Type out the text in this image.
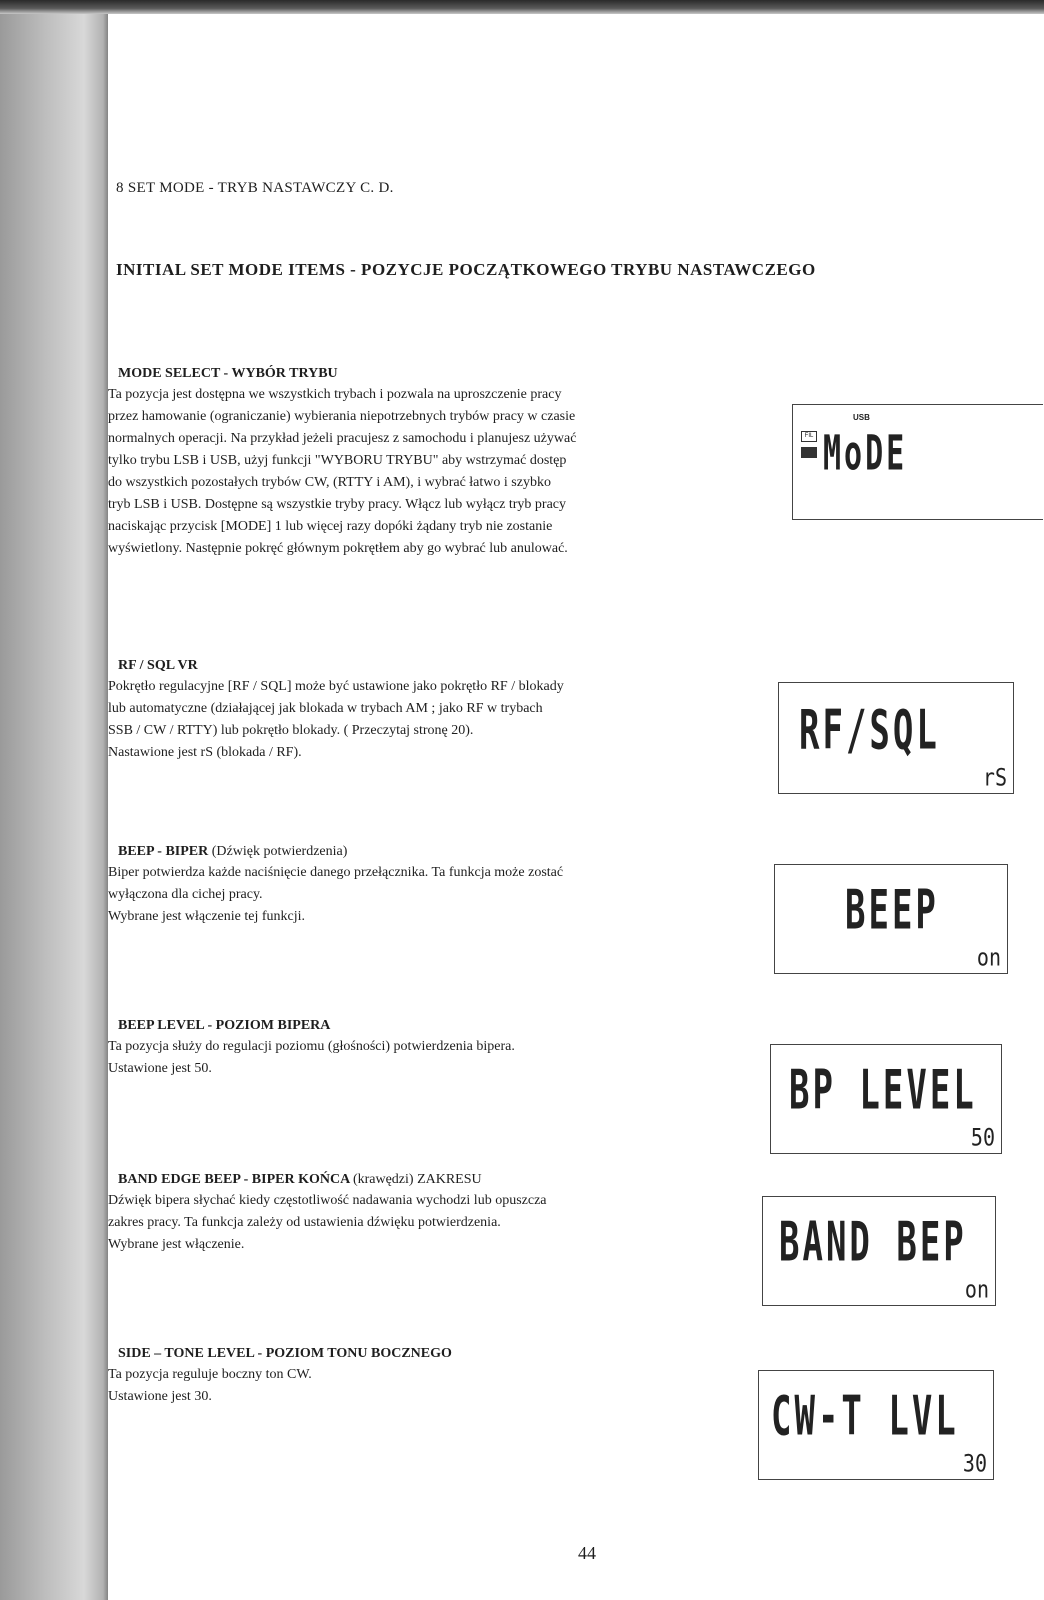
8 SET MODE - TRYB NASTAWCZY C. D.
INITIAL SET MODE ITEMS - POZYCJE POCZĄTKOWEGO TRYBU NASTAWCZEGO
MODE SELECT - WYBÓR TRYBU

Ta pozycja jest dostępna we wszystkich trybach i pozwala na uproszczenie pracy

przez hamowanie (ograniczanie) wybierania niepotrzebnych trybów pracy w czasie

normalnych operacji. Na przykład jeżeli pracujesz z samochodu i planujesz używać

tylko trybu LSB i USB, użyj funkcji "WYBORU TRYBU" aby wstrzymać dostęp

do wszystkich pozostałych trybów CW, (RTTY i AM), i wybrać łatwo i szybko

tryb LSB i USB. Dostępne są wszystkie tryby pracy. Włącz lub wyłącz tryb pracy

naciskając przycisk [MODE] 1 lub więcej razy dopóki żądany tryb nie zostanie

wyświetlony. Następnie pokręć głównym pokrętłem aby go wybrać lub anulować.

USB
FIL MoDE
RF / SQL VR

Pokrętło regulacyjne [RF / SQL] może być ustawione jako pokrętło RF / blokady

lub automatyczne (działającej jak blokada w trybach AM ; jako RF w trybach

SSB / CW / RTTY) lub pokrętło blokady. ( Przeczytaj stronę 20).

Nastawione jest rS (blokada / RF).	RF/SQL
rS
BEEP - BIPER (Dźwięk potwierdzenia)

Biper potwierdza każde naciśnięcie danego przełącznika. Ta funkcja może zostać

wyłączona dla cichej pracy.

Wybrane jest włączenie tej funkcji.	BEEP
on
BEEP LEVEL - POZIOM BIPERA

Ta pozycja służy do regulacji poziomu (głośności) potwierdzenia bipera.

Ustawione jest 50.	BP LEVEL
50
BAND EDGE BEEP - BIPER KOŃCA (krawędzi) ZAKRESU

Dźwięk bipera słychać kiedy częstotliwość nadawania wychodzi lub opuszcza

zakres pracy. Ta funkcja zależy od ustawienia dźwięku potwierdzenia.

Wybrane jest włączenie.	BAND BEP
on
SIDE – TONE LEVEL - POZIOM TONU BOCZNEGO

Ta pozycja reguluje boczny ton CW.

Ustawione jest 30.	CW-T LVL
30
44
